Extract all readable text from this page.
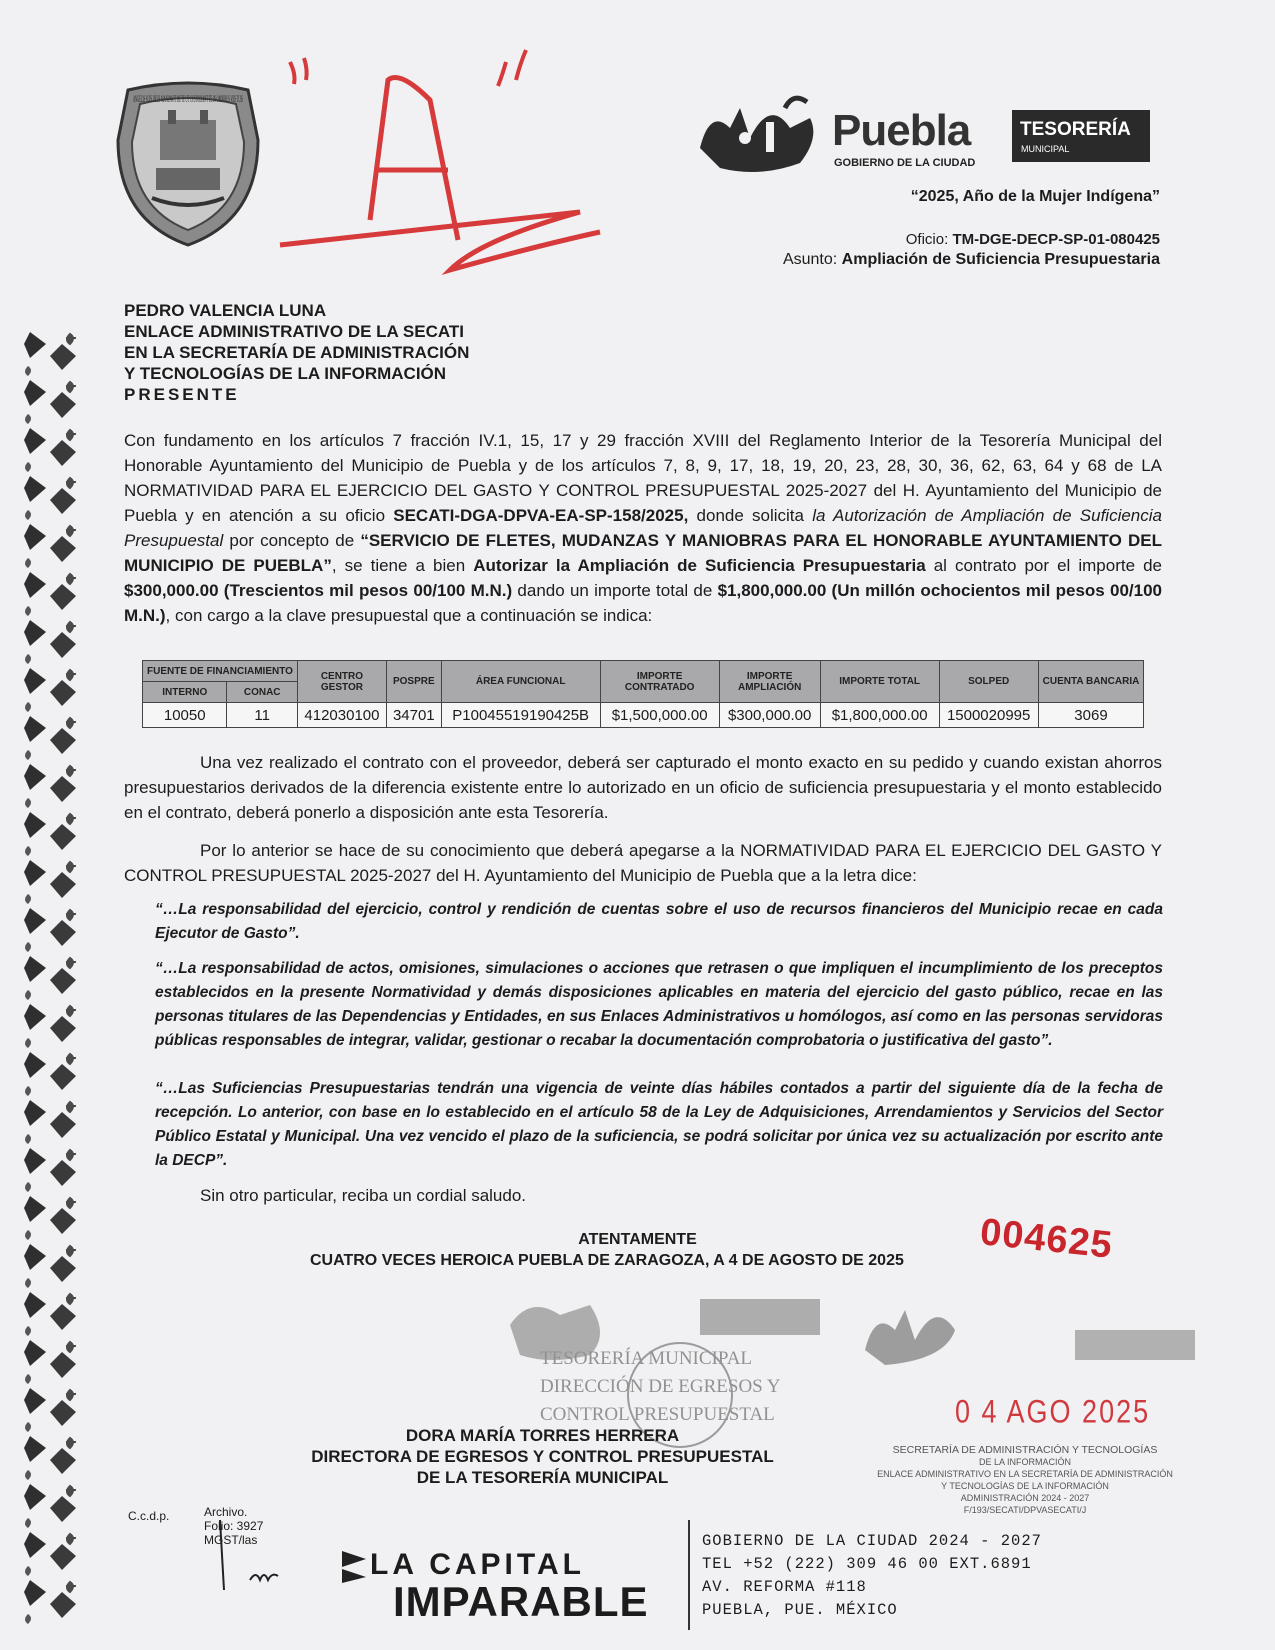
ANGELIS SUIS DEUS MANDAVIT DE TE UT CUSTODIANT TE IN OMNIBUS VIIS TUIS
Puebla
GOBIERNO DE LA CIUDAD
TESORERÍA
MUNICIPAL
“2025, Año de la Mujer Indígena”
Oficio: TM-DGE-DECP-SP-01-080425
Asunto: Ampliación de Suficiencia Presupuestaria
PEDRO VALENCIA LUNA
ENLACE ADMINISTRATIVO DE LA SECATI
EN LA SECRETARÍA DE ADMINISTRACIÓN
Y TECNOLOGÍAS DE LA INFORMACIÓN
PRESENTE
Con fundamento en los artículos 7 fracción IV.1, 15, 17 y 29 fracción XVIII del Reglamento Interior de la Tesorería Municipal del Honorable Ayuntamiento del Municipio de Puebla y de los artículos 7, 8, 9, 17, 18, 19, 20, 23, 28, 30, 36, 62, 63, 64 y 68 de LA NORMATIVIDAD PARA EL EJERCICIO DEL GASTO Y CONTROL PRESUPUESTAL 2025-2027 del H. Ayuntamiento del Municipio de Puebla y en atención a su oficio SECATI-DGA-DPVA-EA-SP-158/2025, donde solicita la Autorización de Ampliación de Suficiencia Presupuestal por concepto de “SERVICIO DE FLETES, MUDANZAS Y MANIOBRAS PARA EL HONORABLE AYUNTAMIENTO DEL MUNICIPIO DE PUEBLA”, se tiene a bien Autorizar la Ampliación de Suficiencia Presupuestaria al contrato por el importe de $300,000.00 (Trescientos mil pesos 00/100 M.N.) dando un importe total de $1,800,000.00 (Un millón ochocientos mil pesos 00/100 M.N.), con cargo a la clave presupuestal que a continuación se indica:
FUENTE DE FINANCIAMIENTO		CENTRO GESTOR	POSPRE	ÁREA FUNCIONAL	IMPORTE CONTRATADO	IMPORTE AMPLIACIÓN	IMPORTE TOTAL	SOLPED	CUENTA BANCARIA
INTERNO	CONAC								
10050	11	412030100	34701	P10045519190425B	$1,500,000.00	$300,000.00	$1,800,000.00	1500020995	3069
Una vez realizado el contrato con el proveedor, deberá ser capturado el monto exacto en su pedido y cuando existan ahorros presupuestarios derivados de la diferencia existente entre lo autorizado en un oficio de suficiencia presupuestaria y el monto establecido en el contrato, deberá ponerlo a disposición ante esta Tesorería.
Por lo anterior se hace de su conocimiento que deberá apegarse a la NORMATIVIDAD PARA EL EJERCICIO DEL GASTO Y CONTROL PRESUPUESTAL 2025-2027 del H. Ayuntamiento del Municipio de Puebla que a la letra dice:
“…La responsabilidad del ejercicio, control y rendición de cuentas sobre el uso de recursos financieros del Municipio recae en cada Ejecutor de Gasto”.
“…La responsabilidad de actos, omisiones, simulaciones o acciones que retrasen o que impliquen el incumplimiento de los preceptos establecidos en la presente Normatividad y demás disposiciones aplicables en materia del ejercicio del gasto público, recae en las personas titulares de las Dependencias y Entidades, en sus Enlaces Administrativos u homólogos, así como en las personas servidoras públicas responsables de integrar, validar, gestionar o recabar la documentación comprobatoria o justificativa del gasto”.
“…Las Suficiencias Presupuestarias tendrán una vigencia de veinte días hábiles contados a partir del siguiente día de la fecha de recepción. Lo anterior, con base en lo establecido en el artículo 58 de la Ley de Adquisiciones, Arrendamientos y Servicios del Sector Público Estatal y Municipal. Una vez vencido el plazo de la suficiencia, se podrá solicitar por única vez su actualización por escrito ante la DECP”.
Sin otro particular, reciba un cordial saludo.
ATENTAMENTE
CUATRO VECES HEROICA PUEBLA DE ZARAGOZA, A 4 DE AGOSTO DE 2025 004625
TESORERÍA MUNICIPAL
DIRECCIÓN DE EGRESOS Y
CONTROL PRESUPUESTAL	0 4 AGO 2025
DORA MARÍA TORRES HERRERA
DIRECTORA DE EGRESOS Y CONTROL PRESUPUESTAL
DE LA TESORERÍA MUNICIPAL
SECRETARÍA DE ADMINISTRACIÓN Y TECNOLOGÍAS
DE LA INFORMACIÓN
ENLACE ADMINISTRATIVO EN LA SECRETARÍA DE ADMINISTRACIÓN
Y TECNOLOGÍAS DE LA INFORMACIÓN
ADMINISTRACIÓN 2024 - 2027
F/193/SECATI/DPVASECATI/J
C.c.d.p.	Archivo.
Folio: 3927
MGST/las
LA CAPITAL
IMPARABLE
GOBIERNO DE LA CIUDAD 2024 - 2027
TEL +52 (222) 309 46 00 EXT.6891
AV. REFORMA #118
PUEBLA, PUE. MÉXICO
